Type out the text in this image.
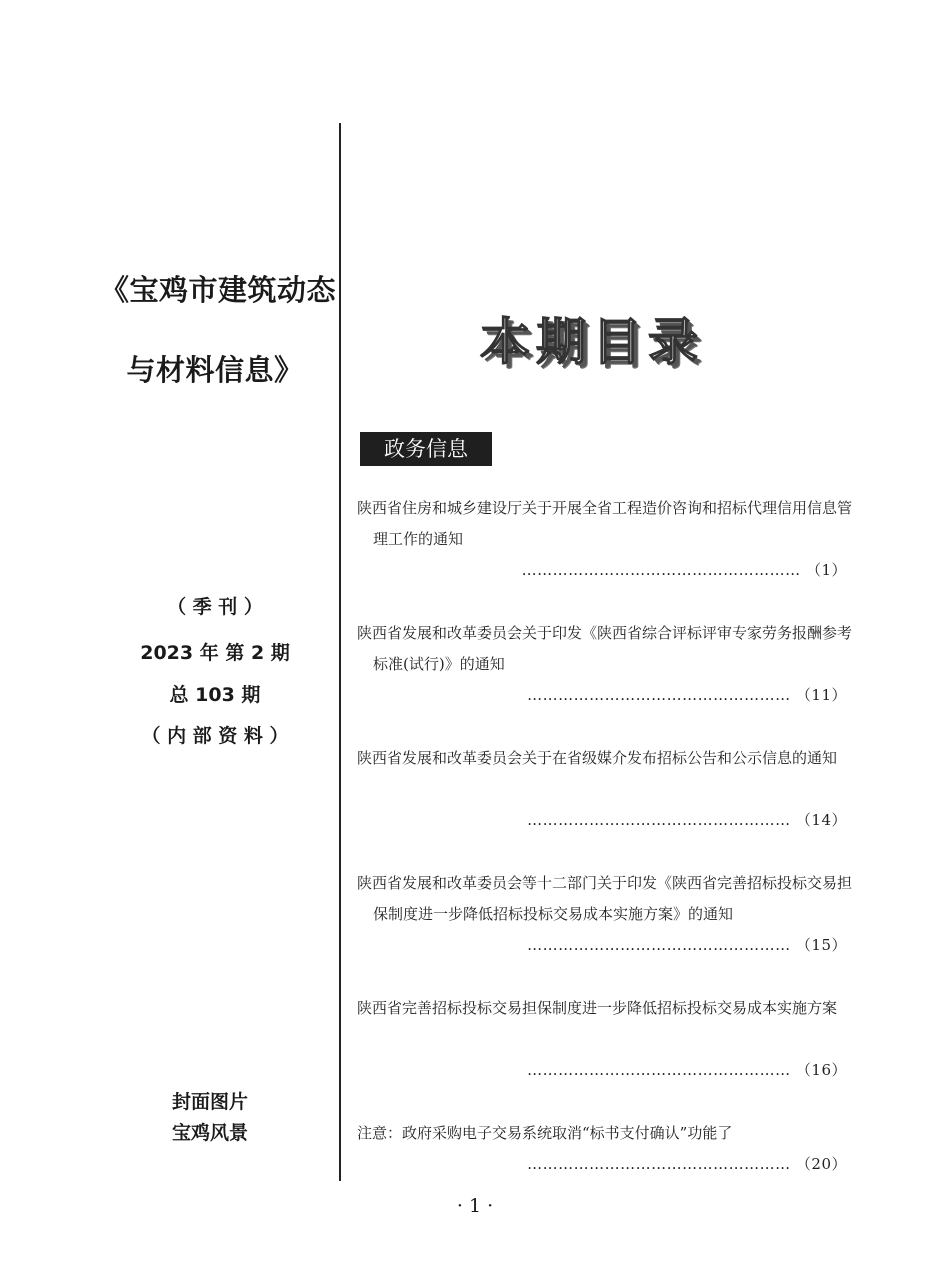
《宝鸡市建筑动态
与材料信息》
（ 季 刊 ）
2023 年 第 2 期
总 103 期
（ 内 部 资 料 ）
封面图片
宝鸡风景
本期目录
政务信息
陕西省住房和城乡建设厅关于开展全省工程造价咨询和招标代理信用信息管理工作的通知
……………………………………………… （1）
陕西省发展和改革委员会关于印发《陕西省综合评标评审专家劳务报酬参考标准(试行)》的通知
…………………………………………… （11）
陕西省发展和改革委员会关于在省级媒介发布招标公告和公示信息的通知
…………………………………………… （14）
陕西省发展和改革委员会等十二部门关于印发《陕西省完善招标投标交易担保制度进一步降低招标投标交易成本实施方案》的通知
…………………………………………… （15）
陕西省完善招标投标交易担保制度进一步降低招标投标交易成本实施方案
…………………………………………… （16）
注意：政府采购电子交易系统取消“标书支付确认”功能了
…………………………………………… （20）
· 1 ·
